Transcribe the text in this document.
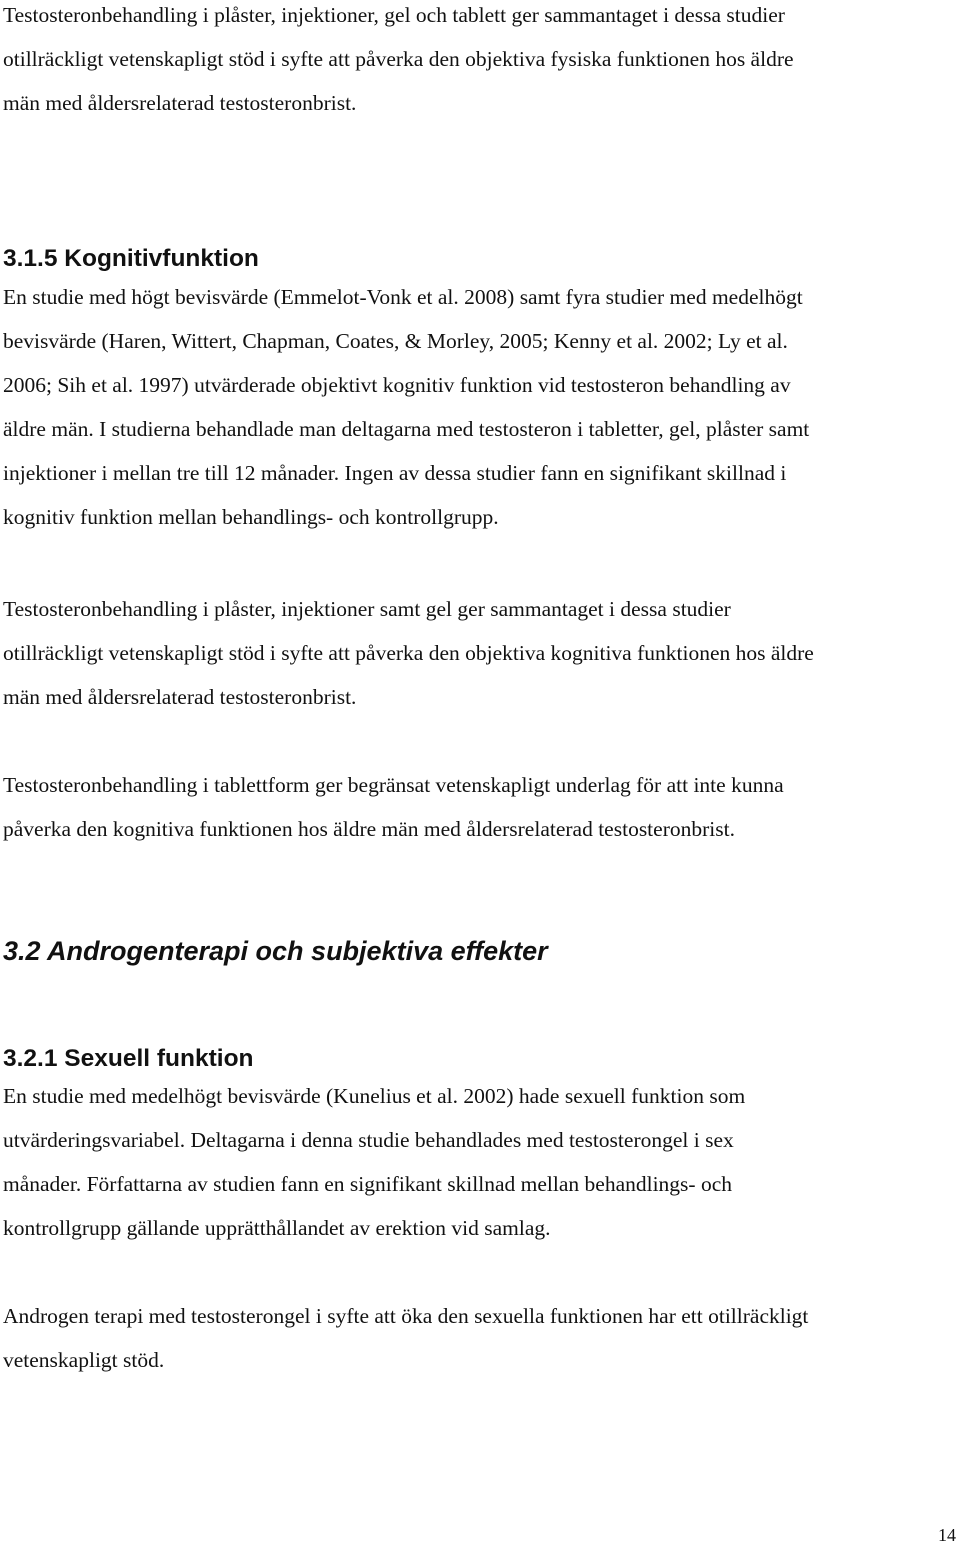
Testosteronbehandling i plåster, injektioner, gel och tablett ger sammantaget i dessa studier
otillräckligt vetenskapligt stöd i syfte att påverka den objektiva fysiska funktionen hos äldre
män med åldersrelaterad testosteronbrist.
3.1.5 Kognitivfunktion
En studie med högt bevisvärde (Emmelot-Vonk et al. 2008) samt fyra studier med medelhögt
bevisvärde (Haren, Wittert, Chapman, Coates, & Morley, 2005; Kenny et al. 2002; Ly et al.
2006; Sih et al. 1997) utvärderade objektivt kognitiv funktion vid testosteron behandling av
äldre män. I studierna behandlade man deltagarna med testosteron i tabletter, gel, plåster samt
injektioner i mellan tre till 12 månader. Ingen av dessa studier fann en signifikant skillnad i
kognitiv funktion mellan behandlings- och kontrollgrupp.
Testosteronbehandling i plåster, injektioner samt gel ger sammantaget i dessa studier
otillräckligt vetenskapligt stöd i syfte att påverka den objektiva kognitiva funktionen hos äldre
män med åldersrelaterad testosteronbrist.
Testosteronbehandling i tablettform ger begränsat vetenskapligt underlag för att inte kunna
påverka den kognitiva funktionen hos äldre män med åldersrelaterad testosteronbrist.
3.2 Androgenterapi och subjektiva effekter
3.2.1 Sexuell funktion
En studie med medelhögt bevisvärde (Kunelius et al. 2002) hade sexuell funktion som
utvärderingsvariabel. Deltagarna i denna studie behandlades med testosterongel i sex
månader. Författarna av studien fann en signifikant skillnad mellan behandlings- och
kontrollgrupp gällande upprätthållandet av erektion vid samlag.
Androgen terapi med testosterongel i syfte att öka den sexuella funktionen har ett otillräckligt
vetenskapligt stöd.
14
